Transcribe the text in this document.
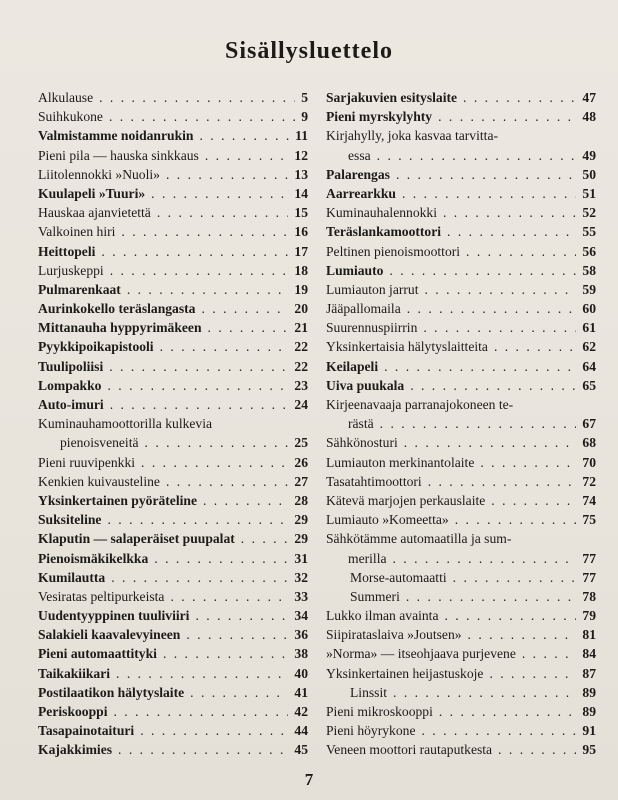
Sisällysluettelo
Alkulause . . .	5
Suihkukone . . .	9
Valmistamme noidanrukin . . .	11
Pieni pila — hauska sinkkaus . . .	12
Liitolennokki »Nuoli» . . .	13
Kuulapeli »Tuuri» . . .	14
Hauskaa ajanvietettä . . .	15
Valkoinen hiri . . .	16
Heittopeli . . .	17
Lurjuskeppi . . .	18
Pulmarenkaat . . .	19
Aurinkokello teräslangasta . . .	20
Mittanauha hyppyrimäkeen . . .	21
Pyykkipoikapistooli . . .	22
Tuulipoliisi . . .	22
Lompakko . . .	23
Auto-imuri . . .	24
Kuminauhamoottorilla kulkevia
pienoisveneitä . . .	25
Pieni ruuvipenkki . . .	26
Kenkien kuivausteline . . .	27
Yksinkertainen pyöräteline . . .	28
Suksiteline . . .	29
Klaputin — salaperäiset puupalat . . .	29
Pienoismäkikelkka . . .	31
Kumilautta . . .	32
Vesiratas peltipurkeista . . .	33
Uudentyyppinen tuuliviiri . . .	34
Salakieli kaavalevyineen . . .	36
Pieni automaattityki . . .	38
Taikakiikari . . .	40
Postilaatikon hälytyslaite . . .	41
Periskooppi . . .	42
Tasapainotaituri . . .	44
Kajakkimies . . .	45
Sarjakuvien esityslaite . . .	47
Pieni myrskylyhty . . .	48
Kirjahylly, joka kasvaa tarvitta-
essa . . .	49
Palarengas . . .	50
Aarrearkku . . .	51
Kuminauhalennokki . . .	52
Teräslankamoottori . . .	55
Peltinen pienoismoottori . . .	56
Lumiauto . . .	58
Lumiauton jarrut . . .	59
Jääpallomaila . . .	60
Suurennuspiirrin . . .	61
Yksinkertaisia hälytyslaitteita . . .	62
Keilapeli . . .	64
Uiva puukala . . .	65
Kirjeenavaaja parranajokoneen te-
rästä . . .	67
Sähkönosturi . . .	68
Lumiauton merkinantolaite . . .	70
Tasatahtimoottori . . .	72
Kätevä marjojen perkauslaite . . .	74
Lumiauto »Komeetta» . . .	75
Sähkötämme automaatilla ja sum-
merilla . . .	77
Morse-automaatti . . .	77
Summeri . . .	78
Lukko ilman avainta . . .	79
Siipirataslaiva »Joutsen» . . .	81
»Norma» — itseohjaava purjevene . . .	84
Yksinkertainen heijastuskoje . . .	87
Linssit . . .	89
Pieni mikroskooppi . . .	89
Pieni höyrykone . . .	91
Veneen moottori rautaputkesta . . .	95
7
